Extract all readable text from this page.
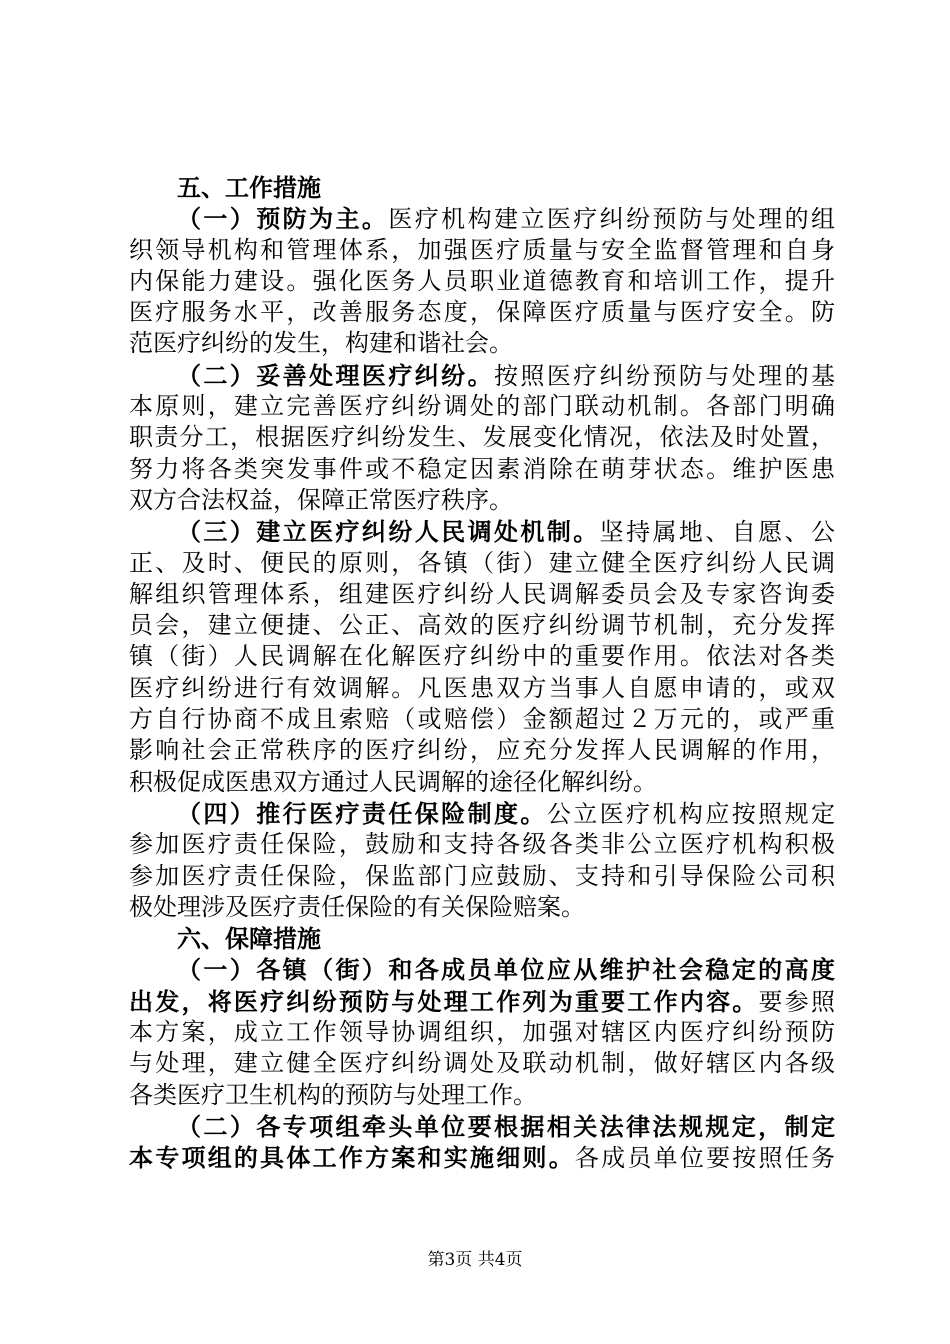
五、工作措施
（一）预防为主。医疗机构建立医疗纠纷预防与处理的组
织领导机构和管理体系，加强医疗质量与安全监督管理和自身
内保能力建设。强化医务人员职业道德教育和培训工作，提升
医疗服务水平，改善服务态度，保障医疗质量与医疗安全。防
范医疗纠纷的发生，构建和谐社会。
（二）妥善处理医疗纠纷。按照医疗纠纷预防与处理的基
本原则，建立完善医疗纠纷调处的部门联动机制。各部门明确
职责分工，根据医疗纠纷发生、发展变化情况，依法及时处置，
努力将各类突发事件或不稳定因素消除在萌芽状态。维护医患
双方合法权益，保障正常医疗秩序。
（三）建立医疗纠纷人民调处机制。坚持属地、自愿、公
正、及时、便民的原则，各镇（街）建立健全医疗纠纷人民调
解组织管理体系，组建医疗纠纷人民调解委员会及专家咨询委
员会，建立便捷、公正、高效的医疗纠纷调节机制，充分发挥
镇（街）人民调解在化解医疗纠纷中的重要作用。依法对各类
医疗纠纷进行有效调解。凡医患双方当事人自愿申请的，或双
方自行协商不成且索赔（或赔偿）金额超过２万元的，或严重
影响社会正常秩序的医疗纠纷，应充分发挥人民调解的作用，
积极促成医患双方通过人民调解的途径化解纠纷。
（四）推行医疗责任保险制度。公立医疗机构应按照规定
参加医疗责任保险，鼓励和支持各级各类非公立医疗机构积极
参加医疗责任保险，保监部门应鼓励、支持和引导保险公司积
极处理涉及医疗责任保险的有关保险赔案。
六、保障措施
（一）各镇（街）和各成员单位应从维护社会稳定的高度
出发，将医疗纠纷预防与处理工作列为重要工作内容。要参照
本方案，成立工作领导协调组织，加强对辖区内医疗纠纷预防
与处理，建立健全医疗纠纷调处及联动机制，做好辖区内各级
各类医疗卫生机构的预防与处理工作。
（二）各专项组牵头单位要根据相关法律法规规定，制定
本专项组的具体工作方案和实施细则。各成员单位要按照任务
第3页 共4页
